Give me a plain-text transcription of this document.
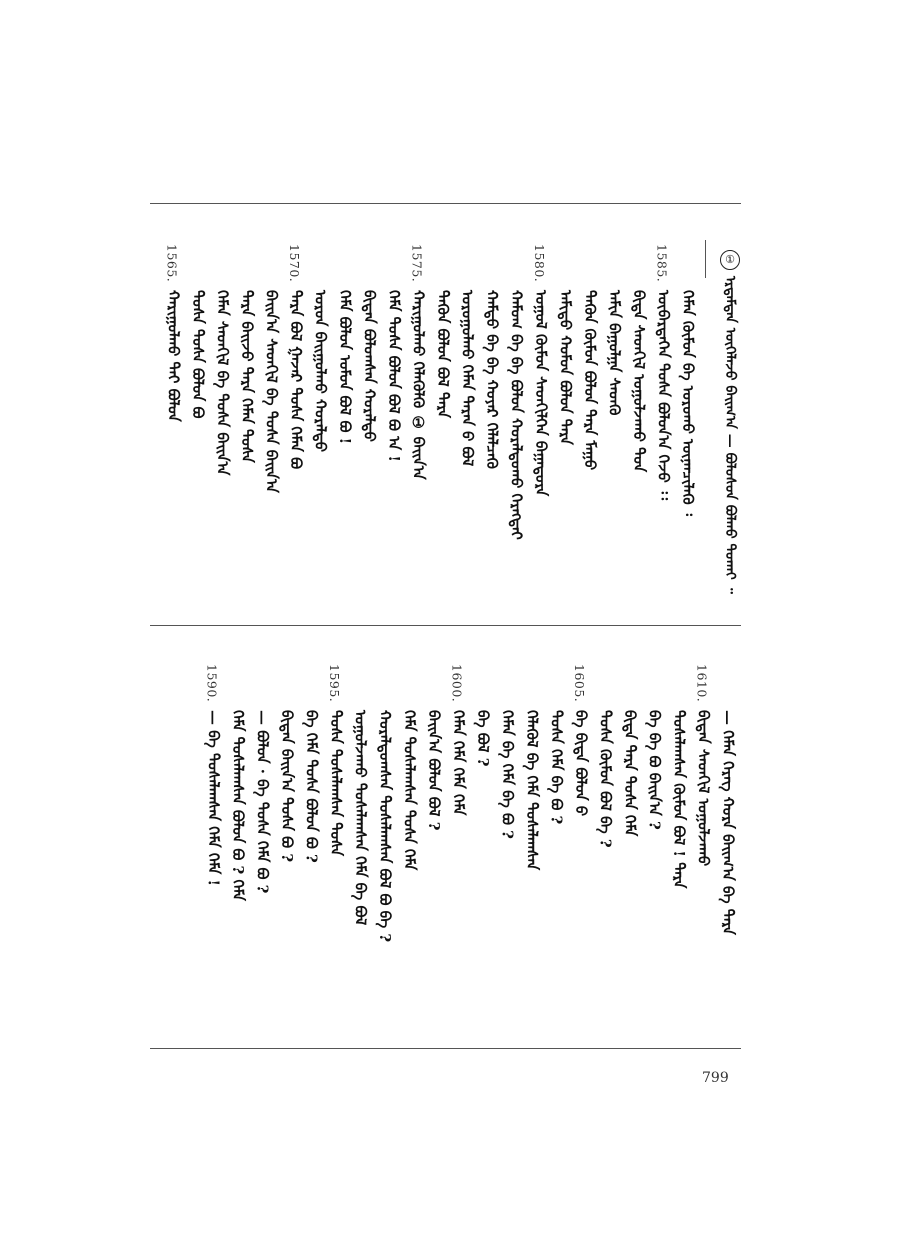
①
ᠡᠷᠳᠡᠮᠲᠡᠨ ᠦᠭᠡᠯᠡᠵᠦ ᠪᠠᠢᠭ᠎ᠠ — ᠪᠤᠯᠤᠰᠤᠨ ᠪᠣᠯᠬᠤ ᠲᠤᠬᠠᠢ ᠃
ᠬᠡᠮᠡᠨ ᠬᠦᠮᠦᠨ ᠪᠠ ᠤᠷᠤᠬᠤ ᠦᠨᠡᠨᠴᠢᠯᠡᠬᠦ ᠄
ᠥᠪᠡᠷᠲᠡᠭᠡᠨ ᠲᠤᠰᠠ ᠪᠣᠯᠤᠨ᠎ᠠ ᠭᠡᠵᠦ ᠄᠄
ᠪᠢᠳᠡ ᠰᠡᠳᠬᠢᠯ ᠤᠭᠤᠯᠵᠠᠬᠤ ᠳᠤᠨ
ᠠᠮᠢᠨ ᠪᠠᠭᠤᠯᠭᠠ ᠰᠡᠳᠬᠦ
ᠲᠡᠭᠦᠨ ᠬᠦᠮᠦᠨ ᠪᠣᠯᠤᠨ ᠲᠡᠷᠡ ᠮᠠᠭᠤ
ᠠᠮᠢᠳᠤ ᠬᠤᠮᠦᠨ ᠪᠣᠯᠤᠨ ᠲᠡᠷᠡ
ᠤᠭᠤᠯ ᠬᠦᠮᠦᠨ ᠰᠡᠳᠬᠢᠯᠭᠡᠨ ᠪᠠᠭᠠᠲᠤᠷᠨ
ᠬᠠᠮᠤᠭ ᠪᠠ ᠪᠠ ᠪᠣᠯᠤᠨ ᠬᠤᠷᠠᠯᠳᠤᠬᠤ ᠬᠡᠷᠡᠭᠲᠡᠢ
ᠬᠠᠮᠲᠤ ᠪᠠ ᠪᠠ ᠬᠣᠶᠠᠷ ᠬᠡᠯᠡᠯᠴᠡᠬᠦ
ᠤᠷᠤᠭᠤᠯᠬᠤ ᠬᠡᠮᠡᠨ ᠲᠡᠷᠡᠨ ᠪ ᠪᠣᠯ
ᠲᠡᠭᠦᠨ ᠪᠣᠯᠤᠨ ᠪᠣᠯ ᠲᠡᠷᠡ
ᠬᠠᠷᠢᠭᠤᠯᠬᠤ ᠬᠡᠯᠡᠭᠦᠯᠬᠦ ① ᠪᠠᠢᠨ᠎ᠠ
ᠬᠡᠮᠡ ᠲᠤᠰᠠ ᠪᠣᠯᠤᠨ ᠪᠣᠯ ᠪᠣ ᠠ !
ᠪᠢᠳᠡᠨ ᠪᠣᠯᠤᠭᠰᠠᠨ ᠬᠤᠷᠠᠯᠳᠤ
ᠬᠡᠮᠡ ᠪᠣᠯᠤᠨ ᠤᠮᠤᠨ ᠪᠣᠯ ᠪᠣ !
ᠣᠷᠣᠨ ᠪᠠᠢᠭᠤᠯᠬᠤ ᠬᠤᠷᠠᠯᠳᠤ
ᠲᠡᠷᠡ ᠪᠣᠯ ᠭᠠᠵᠠᠷ ᠲᠤᠰᠠ ᠬᠡᠮᠡᠨ ᠪᠣ
ᠪᠠᠢᠨ᠎ᠠ ᠰᠡᠳᠬᠢᠯ ᠪᠠ ᠲᠤᠰᠠ ᠪᠠᠢᠨ᠎ᠠ
ᠲᠡᠷᠡ ᠪᠠᠢᠵᠤ ᠲᠡᠷᠡ ᠬᠡᠮᠡᠨ ᠲᠤᠰᠠ
ᠬᠡᠮᠡᠨ ᠰᠡᠳᠬᠢᠯ ᠪᠠ ᠲᠤᠰᠠ ᠪᠠᠢᠨ᠎ᠠ
ᠲᠤᠰᠠ ᠲᠤᠰᠠ ᠪᠣᠯᠤᠨ ᠪᠣ
ᠬᠠᠷᠢᠭᠤᠯᠬᠤ ᠲᠠᠢ ᠪᠣᠯᠤᠨ
1585.
1580.
1575.
1570.
1565.
— ᠬᠡᠮᠡᠨ ᠬᠡᠷᠡᠭ ᠬᠤᠷᠠ ᠪᠠᠢᠭ᠎ᠠ ᠪᠠ ᠲᠡᠷᠡ
ᠪᠢᠳᠡᠨ ᠰᠡᠳᠬᠢᠯ ᠤᠭᠤᠯᠵᠠᠬᠤ
ᠲᠤᠰᠠᠯᠠᠭᠰᠠᠨ ᠬᠦᠮᠦᠨ ᠪᠣᠯ ! ᠲᠡᠷᠡ
ᠪᠠ ᠪᠠ ᠪᠣ ᠪᠠᠢᠨ᠎ᠠ ?
ᠪᠢᠳᠡ ᠲᠡᠷᠡ ᠲᠤᠰᠠ ᠬᠡᠮᠡ
ᠲᠤᠰᠠ ᠬᠦᠮᠦᠨ ᠪᠣᠯ ᠪᠠ ?
ᠪᠠ ᠪᠢᠳᠡ ᠪᠣᠯᠤᠨ ᠪ
ᠲᠤᠰᠠ ᠬᠡᠮᠡ ᠪᠠ ᠪᠣ ?
ᠬᠡᠯᠡᠭᠦᠯ ᠪᠠ ᠬᠡᠮᠡ ᠲᠤᠰᠠᠯᠠᠭᠰᠠᠨ
ᠬᠡᠮᠡᠨ ᠪᠠ ᠬᠡᠮᠡ ᠪᠠ ᠪᠣ ?
ᠪᠠ ᠪᠣᠯ ?
ᠬᠡᠮᠡᠨ ᠬᠡᠮᠡ ᠬᠡᠮᠡ ᠬᠡᠮᠡ
ᠪᠠᠢᠨ᠎ᠠ ᠪᠣᠯᠤᠨ ᠪᠣᠯ ?
ᠬᠡᠮᠡ ᠲᠤᠰᠠᠯᠠᠭᠰᠠᠨ ᠲᠤᠰᠠ ᠬᠡᠮᠡ
ᠬᠤᠷᠠᠯᠳᠤᠭᠰᠠᠨ ᠲᠤᠰᠠᠯᠠᠭᠰᠠᠨ ᠪᠣᠯ ᠪᠣ ᠪᠠ ?
ᠤᠭᠤᠯᠵᠠᠬᠤ ᠲᠤᠰᠠᠯᠠᠭᠰᠠᠨ ᠬᠡᠮᠡ ᠪᠠ ᠪᠣᠯ
ᠲᠤᠰᠠ ᠲᠤᠰᠠᠯᠠᠭᠰᠠᠨ ᠲᠤᠰᠠ
ᠪᠠ ᠬᠡᠮᠡ ᠲᠤᠰᠠ ᠪᠣᠯᠤᠨ ᠪᠣ ?
ᠪᠢᠳᠡᠨ ᠪᠠᠢᠨ᠎ᠠ ᠲᠤᠰᠠ ᠪᠣ ?
— ᠪᠣᠯᠤᠨ · ᠪᠠ ᠲᠤᠰᠠ ᠬᠡᠮᠡ ᠪᠣ ?
ᠬᠡᠮᠡ ᠲᠤᠰᠠᠯᠠᠭᠰᠠᠨ ᠪᠣᠯᠤᠨ ᠪᠣ ? ᠬᠡᠮᠡ
— ᠪᠠ ᠲᠤᠰᠠᠯᠠᠭᠰᠠᠨ ᠬᠡᠮᠡ ᠬᠡᠮᠡ !
1610.
1605.
1600.
1595.
1590.
799
